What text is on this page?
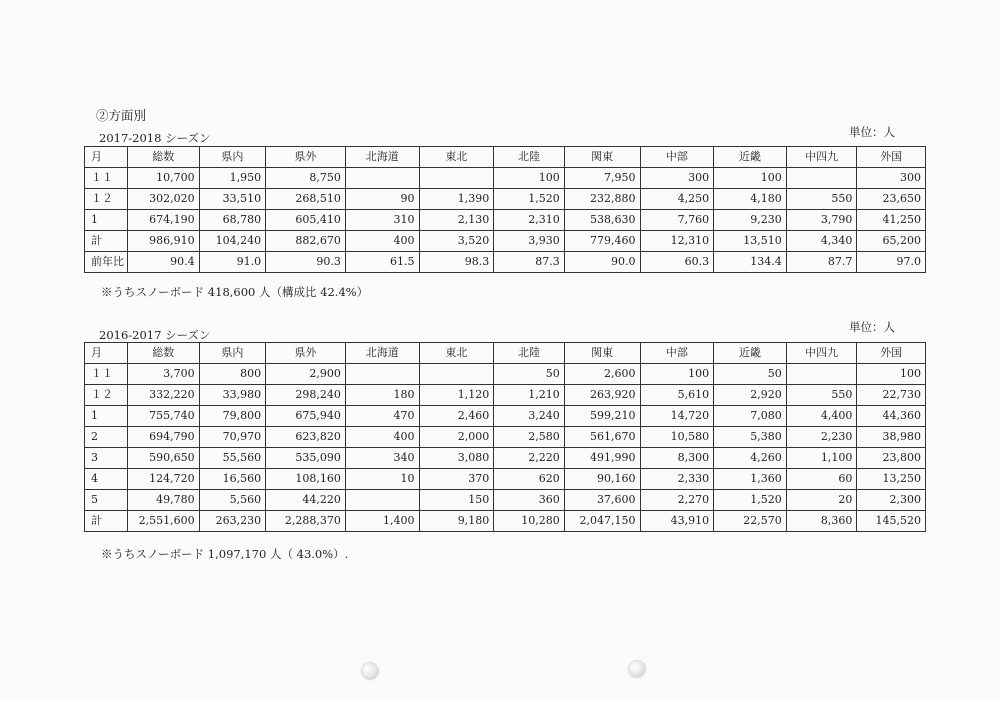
②方面別
2017-2018 シーズン	単位：人
月	総数	県内	県外	北海道	東北	北陸	関東	中部	近畿	中四九	外国
１１	10,700	1,950	8,750			100	7,950	300	100		300
１２	302,020	33,510	268,510	90	1,390	1,520	232,880	4,250	4,180	550	23,650
1	674,190	68,780	605,410	310	2,130	2,310	538,630	7,760	9,230	3,790	41,250
計	986,910	104,240	882,670	400	3,520	3,930	779,460	12,310	13,510	4,340	65,200
前年比	90.4	91.0	90.3	61.5	98.3	87.3	90.0	60.3	134.4	87.7	97.0
※うちスノーボード 418,600 人（構成比 42.4%）
2016-2017 シーズン
単位：人
月	総数	県内	県外	北海道	東北	北陸	関東	中部	近畿	中四九	外国
１１	3,700	800	2,900			50	2,600	100	50		100
１２	332,220	33,980	298,240	180	1,120	1,210	263,920	5,610	2,920	550	22,730
1	755,740	79,800	675,940	470	2,460	3,240	599,210	14,720	7,080	4,400	44,360
2	694,790	70,970	623,820	400	2,000	2,580	561,670	10,580	5,380	2,230	38,980
3	590,650	55,560	535,090	340	3,080	2,220	491,990	8,300	4,260	1,100	23,800
4	124,720	16,560	108,160	10	370	620	90,160	2,330	1,360	60	13,250
5	49,780	5,560	44,220		150	360	37,600	2,270	1,520	20	2,300
計	2,551,600	263,230	2,288,370	1,400	9,180	10,280	2,047,150	43,910	22,570	8,360	145,520
※うちスノーボード 1,097,170 人（ 43.0%）.
